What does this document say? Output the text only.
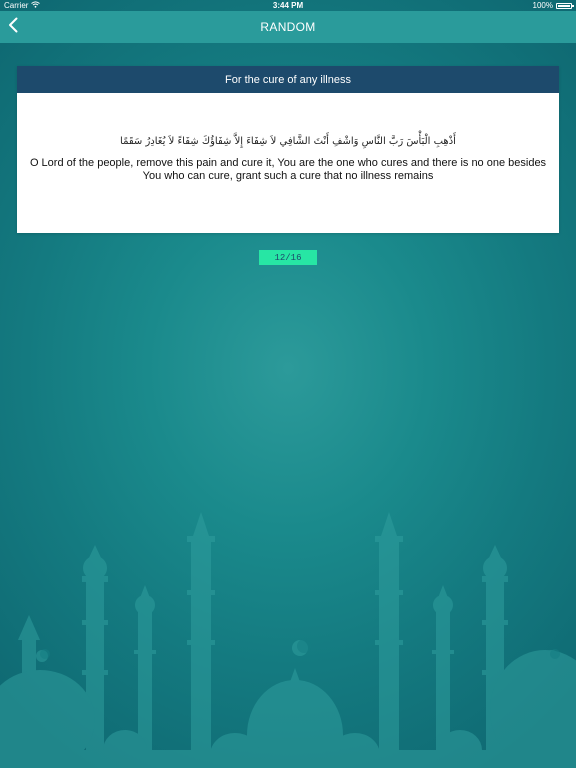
Carrier	3:44 PM	100%
RANDOM
For the cure of any illness
أَذْهِبِ الْبَأْسَ رَبَّ النَّاسِ وَاشْفِ أَنْتَ الشَّافِي لاَ شِفَاءَ إِلاَّ شِفَاؤُكَ شِفَاءً لاَ يُغَادِرُ سَقَمًا
O Lord of the people, remove this pain and cure it, You are the one who cures and there is no one besides You who can cure, grant such a cure that no illness remains
12/16
